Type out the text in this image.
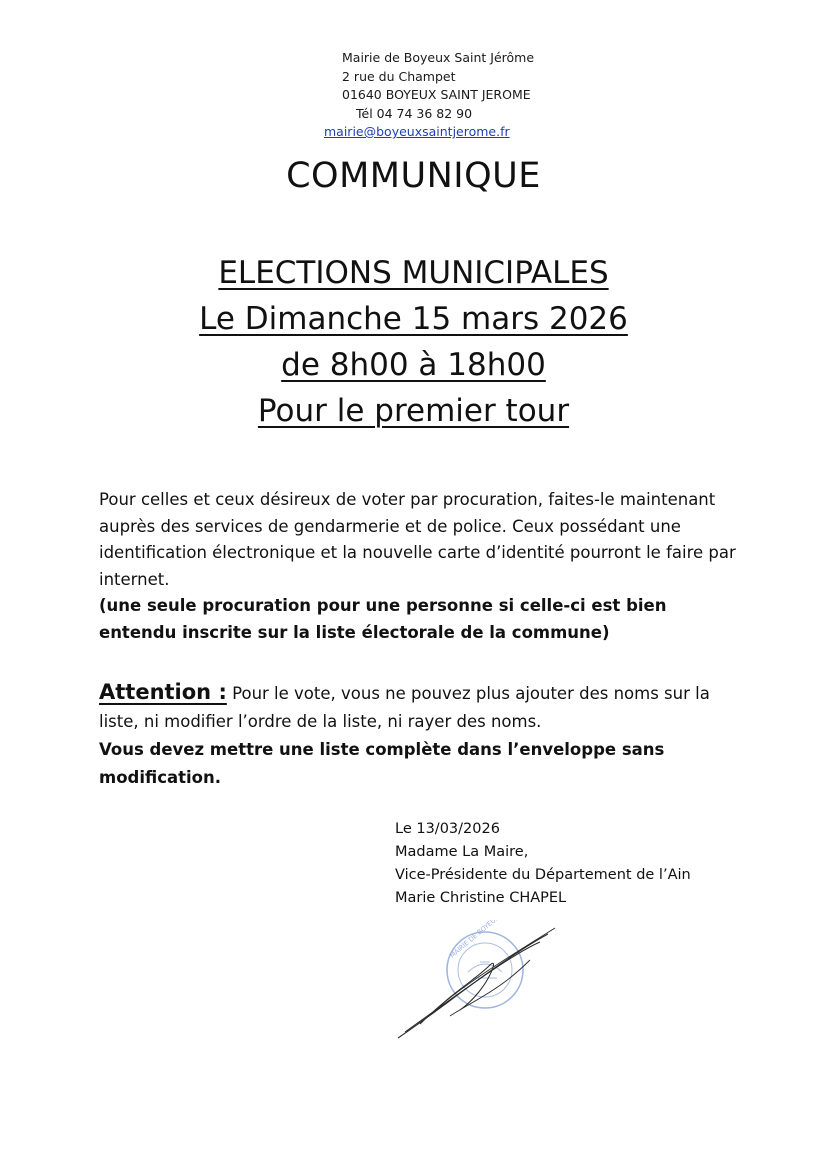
Mairie de Boyeux Saint Jérôme
2 rue du Champet
01640 BOYEUX SAINT JEROME
Tél 04 74 36 82 90
mairie@boyeuxsaintjerome.fr
COMMUNIQUE
ELECTIONS MUNICIPALES
Le Dimanche 15 mars 2026
de 8h00 à 18h00
Pour le premier tour

Pour celles et ceux désireux de voter par procuration, faites-le maintenant auprès des services de gendarmerie et de police. Ceux possédant une identification électronique et la nouvelle carte d’identité pourront le faire par internet.

(une seule procuration pour une personne si celle-ci est bien entendu inscrite sur la liste électorale de la commune)

Attention : Pour le vote, vous ne pouvez plus ajouter des noms sur la liste, ni modifier l’ordre de la liste, ni rayer des noms.

Vous devez mettre une liste complète dans l’enveloppe sans modification.

Le 13/03/2026
Madame La Maire,
Vice-Présidente du Département de l’Ain
Marie Christine CHAPEL
MAIRIE DE BOYEUX
